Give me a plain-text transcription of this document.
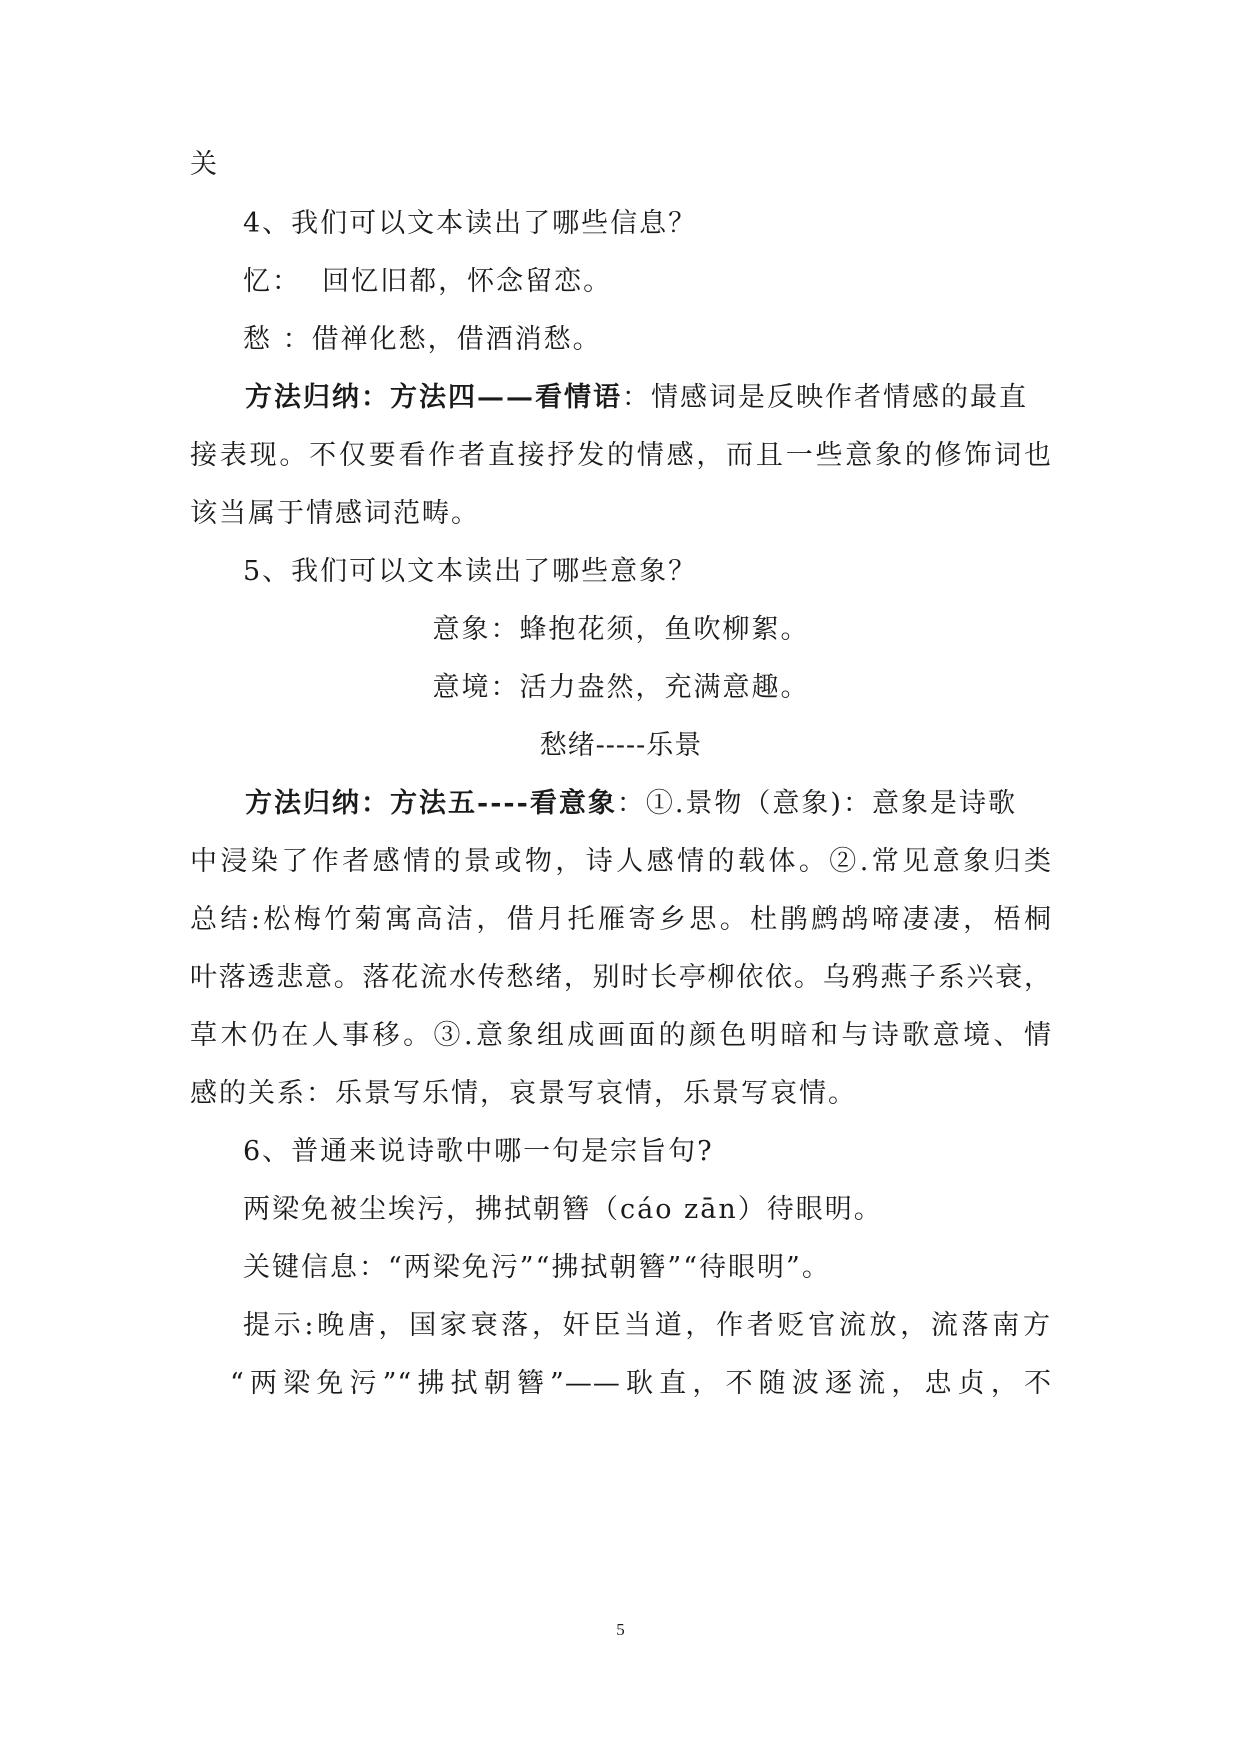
关
4、我们可以文本读出了哪些信息？
忆：  回忆旧都，怀念留恋。
愁 ：借禅化愁，借酒消愁。
方法归纳：方法四——看情语：情感词是反映作者情感的最直
接表现。不仅要看作者直接抒发的情感，而且一些意象的修饰词也
该当属于情感词范畴。
5、我们可以文本读出了哪些意象？
意象：蜂抱花须，鱼吹柳絮。
意境：活力盎然，充满意趣。
愁绪-----乐景
方法归纳：方法五----看意象：①.景物（意象)：意象是诗歌
中浸染了作者感情的景或物，诗人感情的载体。②.常见意象归类
总结:松梅竹菊寓高洁，借月托雁寄乡思。杜鹃鹧鸪啼凄凄，梧桐
叶落透悲意。落花流水传愁绪，别时长亭柳依依。乌鸦燕子系兴衰，
草木仍在人事移。③.意象组成画面的颜色明暗和与诗歌意境、情
感的关系：乐景写乐情，哀景写哀情，乐景写哀情。
6、普通来说诗歌中哪一句是宗旨句?
两梁免被尘埃污，拂拭朝簪（cáo zān）待眼明。
关键信息：“两梁免污”“拂拭朝簪”“待眼明”。
提示:晚唐，国家衰落，奸臣当道，作者贬官流放，流落南方
“两梁免污”“拂拭朝簪”——耿直，不随波逐流，忠贞，不
5
